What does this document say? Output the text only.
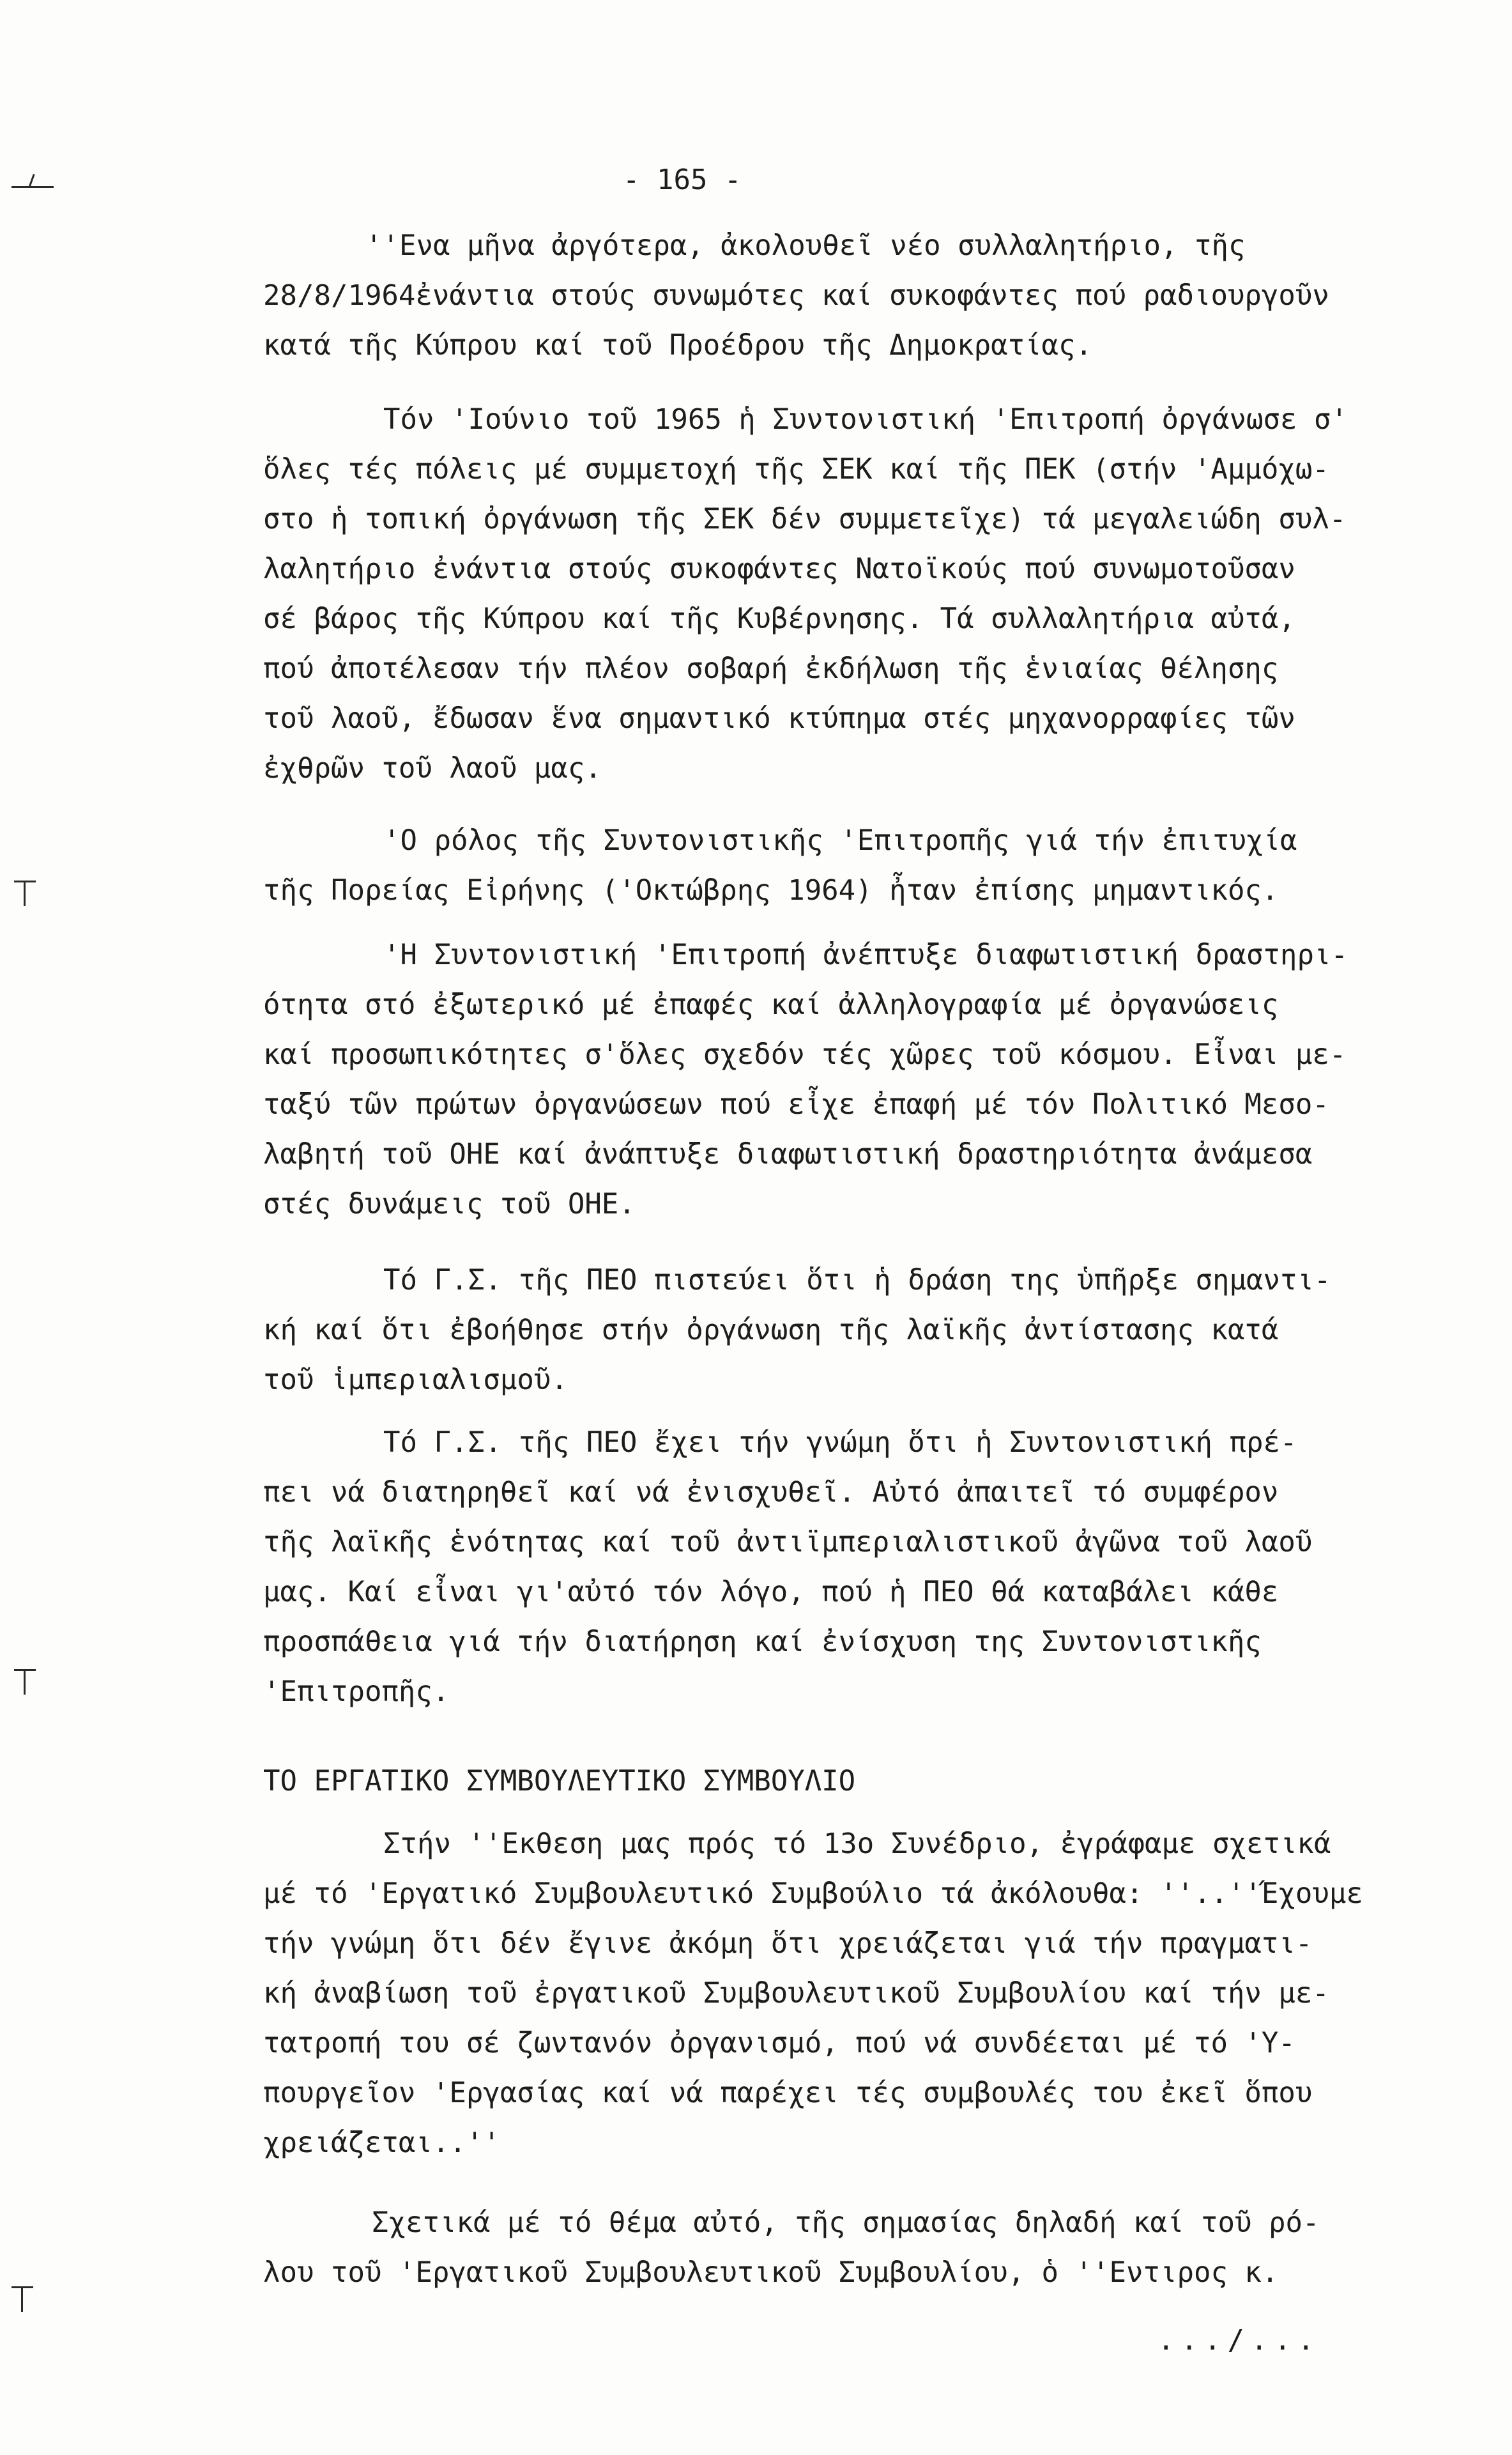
- 165 -
''Ενα μῆνα ἀργότερα, ἀκολουθεῖ νέο συλλαλητήριο, τῆς
28/8/1964ἐνάντια στούς συνωμότες καί συκοφάντες πού ραδιουργοῦν
κατά τῆς Κύπρου καί τοῦ Προέδρου τῆς Δημοκρατίας.
Τόν 'Ιούνιο τοῦ 1965 ἡ Συντονιστική 'Επιτροπή ὀργάνωσε σ'
ὅλες τές πόλεις μέ συμμετοχή τῆς ΣΕΚ καί τῆς ΠΕΚ (στήν 'Αμμόχω-
στο ἡ τοπική ὀργάνωση τῆς ΣΕΚ δέν συμμετεῖχε) τά μεγαλειώδη συλ-
λαλητήριο ἐνάντια στούς συκοφάντες Νατοϊκούς πού συνωμοτοῦσαν
σέ βάρος τῆς Κύπρου καί τῆς Κυβέρνησης. Τά συλλαλητήρια αὐτά,
πού ἀποτέλεσαν τήν πλέον σοβαρή ἐκδήλωση τῆς ἑνιαίας θέλησης
τοῦ λαοῦ, ἔδωσαν ἕνα σημαντικό κτύπημα στές μηχανορραφίες τῶν
ἐχθρῶν τοῦ λαοῦ μας.
'Ο ρόλος τῆς Συντονιστικῆς 'Επιτροπῆς γιά τήν ἐπιτυχία
τῆς Πορείας Εἰρήνης ('Οκτώβρης 1964) ἦταν ἐπίσης μημαντικός.
'Η Συντονιστική 'Επιτροπή ἀνέπτυξε διαφωτιστική δραστηρι-
ότητα στό ἐξωτερικό μέ ἐπαφές καί ἀλληλογραφία μέ ὀργανώσεις
καί προσωπικότητες σ'ὅλες σχεδόν τές χῶρες τοῦ κόσμου. Εἶναι με-
ταξύ τῶν πρώτων ὀργανώσεων πού εἶχε ἐπαφή μέ τόν Πολιτικό Μεσο-
λαβητή τοῦ ΟΗΕ καί ἀνάπτυξε διαφωτιστική δραστηριότητα ἀνάμεσα
στές δυνάμεις τοῦ ΟΗΕ.
Τό Γ.Σ. τῆς ΠΕΟ πιστεύει ὅτι ἡ δράση της ὑπῆρξε σημαντι-
κή καί ὅτι ἐβοήθησε στήν ὀργάνωση τῆς λαϊκῆς ἀντίστασης κατά
τοῦ ἱμπεριαλισμοῦ.
Τό Γ.Σ. τῆς ΠΕΟ ἔχει τήν γνώμη ὅτι ἡ Συντονιστική πρέ-
πει νά διατηρηθεῖ καί νά ἐνισχυθεῖ. Αὐτό ἀπαιτεῖ τό συμφέρον
τῆς λαϊκῆς ἑνότητας καί τοῦ ἀντιϊμπεριαλιστικοῦ ἀγῶνα τοῦ λαοῦ
μας. Καί εἶναι γι'αὐτό τόν λόγο, πού ἡ ΠΕΟ θά καταβάλει κάθε
προσπάθεια γιά τήν διατήρηση καί ἐνίσχυση της Συντονιστικῆς
'Επιτροπῆς.
ΤΟ ΕΡΓΑΤΙΚΟ ΣΥΜΒΟΥΛΕΥΤΙΚΟ ΣΥΜΒΟΥΛΙΟ
Στήν ''Εκθεση μας πρός τό 13ο Συνέδριο, ἐγράφαμε σχετικά
μέ τό 'Εργατικό Συμβουλευτικό Συμβούλιο τά ἀκόλουθα: ''..''Έχουμε
τήν γνώμη ὅτι δέν ἔγινε ἀκόμη ὅτι χρειάζεται γιά τήν πραγματι-
κή ἀναβίωση τοῦ ἐργατικοῦ Συμβουλευτικοῦ Συμβουλίου καί τήν με-
τατροπή του σέ ζωντανόν ὀργανισμό, πού νά συνδέεται μέ τό 'Υ-
πουργεῖον 'Εργασίας καί νά παρέχει τές συμβουλές του ἐκεῖ ὅπου
χρειάζεται..''
Σχετικά μέ τό θέμα αὐτό, τῆς σημασίας δηλαδή καί τοῦ ρό-
λου τοῦ 'Εργατικοῦ Συμβουλευτικοῦ Συμβουλίου, ὁ ''Εντιρος κ.
.../...
